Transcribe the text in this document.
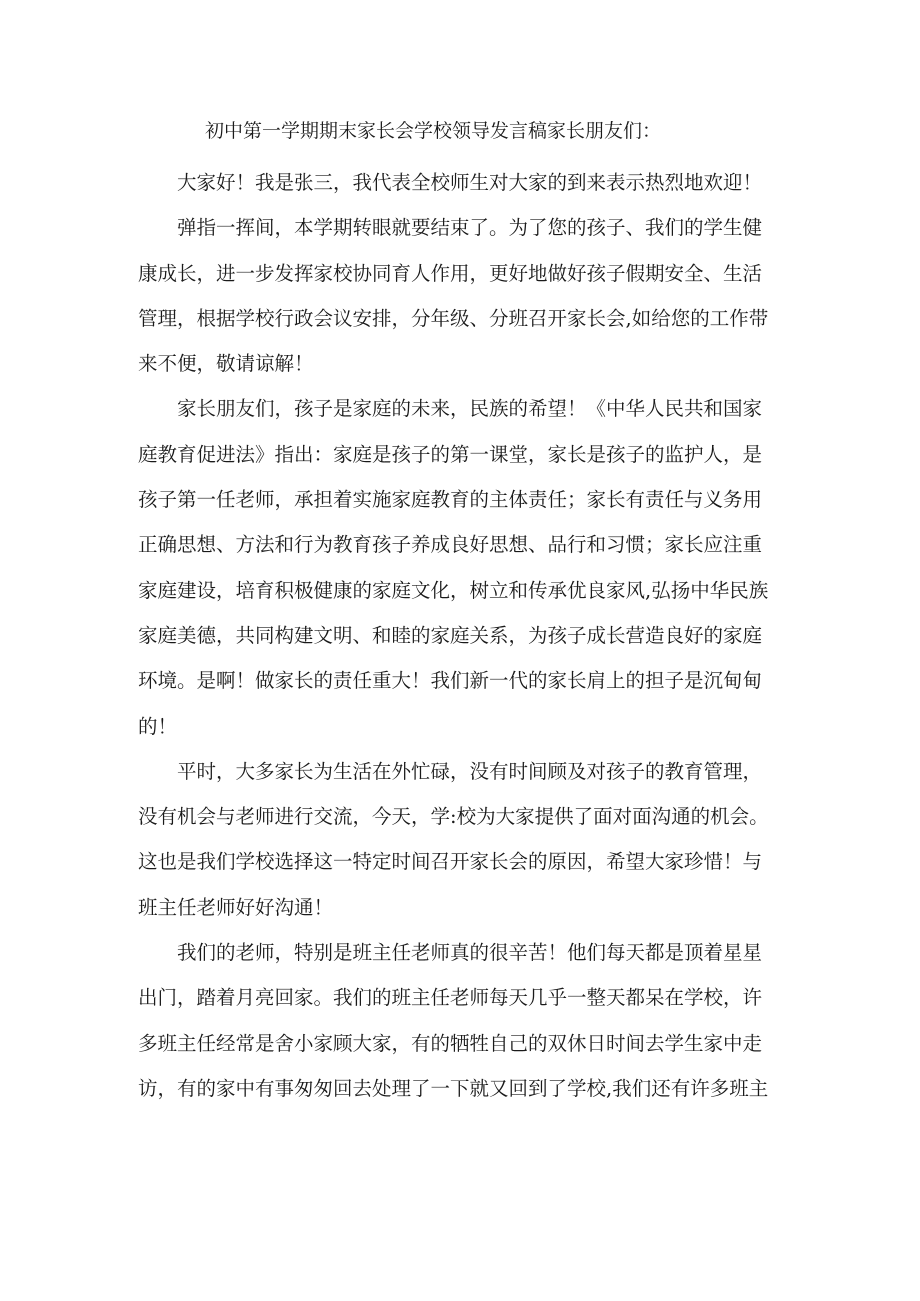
初中第一学期期末家长会学校领导发言稿家长朋友们：
大家好！我是张三，我代表全校师生对大家的到来表示热烈地欢迎！
弹指一挥间，本学期转眼就要结束了。为了您的孩子、我们的学生健
康成长，进一步发挥家校协同育人作用，更好地做好孩子假期安全、生活
管理，根据学校行政会议安排，分年级、分班召开家长会,如给您的工作带
来不便，敬请谅解！
家长朋友们，孩子是家庭的未来，民族的希望！《中华人民共和国家
庭教育促进法》指出：家庭是孩子的第一课堂，家长是孩子的监护人，是
孩子第一任老师，承担着实施家庭教育的主体责任；家长有责任与义务用
正确思想、方法和行为教育孩子养成良好思想、品行和习惯；家长应注重
家庭建设，培育积极健康的家庭文化，树立和传承优良家风,弘扬中华民族
家庭美德，共同构建文明、和睦的家庭关系，为孩子成长营造良好的家庭
环境。是啊！做家长的责任重大！我们新一代的家长肩上的担子是沉甸甸
的！
平时，大多家长为生活在外忙碌，没有时间顾及对孩子的教育管理，
没有机会与老师进行交流，今天，学:校为大家提供了面对面沟通的机会。
这也是我们学校选择这一特定时间召开家长会的原因，希望大家珍惜！与
班主任老师好好沟通！
我们的老师，特别是班主任老师真的很辛苦！他们每天都是顶着星星
出门，踏着月亮回家。我们的班主任老师每天几乎一整天都呆在学校，许
多班主任经常是舍小家顾大家，有的牺牲自己的双休日时间去学生家中走
访，有的家中有事匆匆回去处理了一下就又回到了学校,我们还有许多班主
